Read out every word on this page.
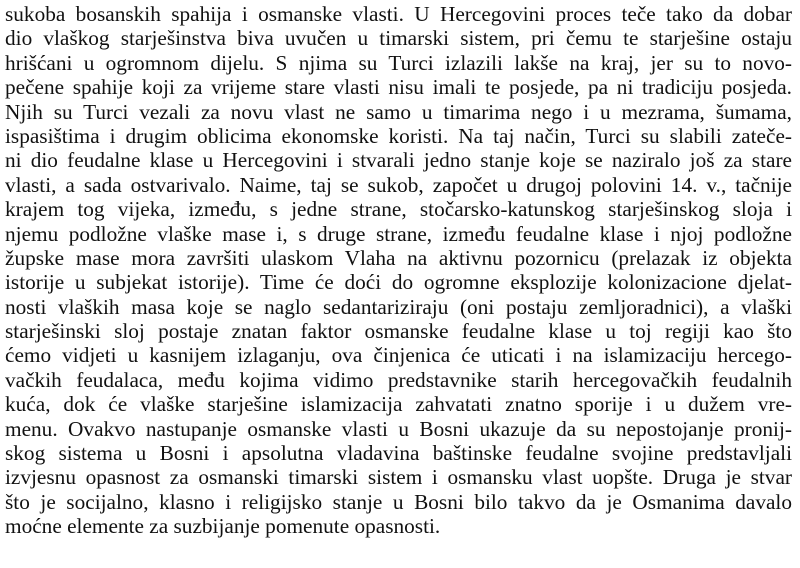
sukoba bosanskih spahija i osmanske vlasti. U Hercegovini proces teče tako da dobar
dio vlaškog starješinstva biva uvučen u timarski sistem, pri čemu te starješine ostaju
hrišćani u ogromnom dijelu. S njima su Turci izlazili lakše na kraj, jer su to novo-
pečene spahije koji za vrijeme stare vlasti nisu imali te posjede, pa ni tradiciju posjeda.
Njih su Turci vezali za novu vlast ne samo u timarima nego i u mezrama, šumama,
ispasištima i drugim oblicima ekonomske koristi. Na taj način, Turci su slabili zateče-
ni dio feudalne klase u Hercegovini i stvarali jedno stanje koje se naziralo još za stare
vlasti, a sada ostvarivalo. Naime, taj se sukob, započet u drugoj polovini 14. v., tačnije
krajem tog vijeka, između, s jedne strane, stočarsko-katunskog starješinskog sloja i
njemu podložne vlaške mase i, s druge strane, između feudalne klase i njoj podložne
župske mase mora završiti ulaskom Vlaha na aktivnu pozornicu (prelazak iz objekta
istorije u subjekat istorije). Time će doći do ogromne eksplozije kolonizacione djelat-
nosti vlaških masa koje se naglo sedantariziraju (oni postaju zemljoradnici), a vlaški
starješinski sloj postaje znatan faktor osmanske feudalne klase u toj regiji kao što
ćemo vidjeti u kasnijem izlaganju, ova činjenica će uticati i na islamizaciju hercego-
vačkih feudalaca, među kojima vidimo predstavnike starih hercegovačkih feudalnih
kuća, dok će vlaške starješine islamizacija zahvatati znatno sporije i u dužem vre-
menu. Ovakvo nastupanje osmanske vlasti u Bosni ukazuje da su nepostojanje pronij-
skog sistema u Bosni i apsolutna vladavina baštinske feudalne svojine predstavljali
izvjesnu opasnost za osmanski timarski sistem i osmansku vlast uopšte. Druga je stvar
što je socijalno, klasno i religijsko stanje u Bosni bilo takvo da je Osmanima davalo
moćne elemente za suzbijanje pomenute opasnosti.
